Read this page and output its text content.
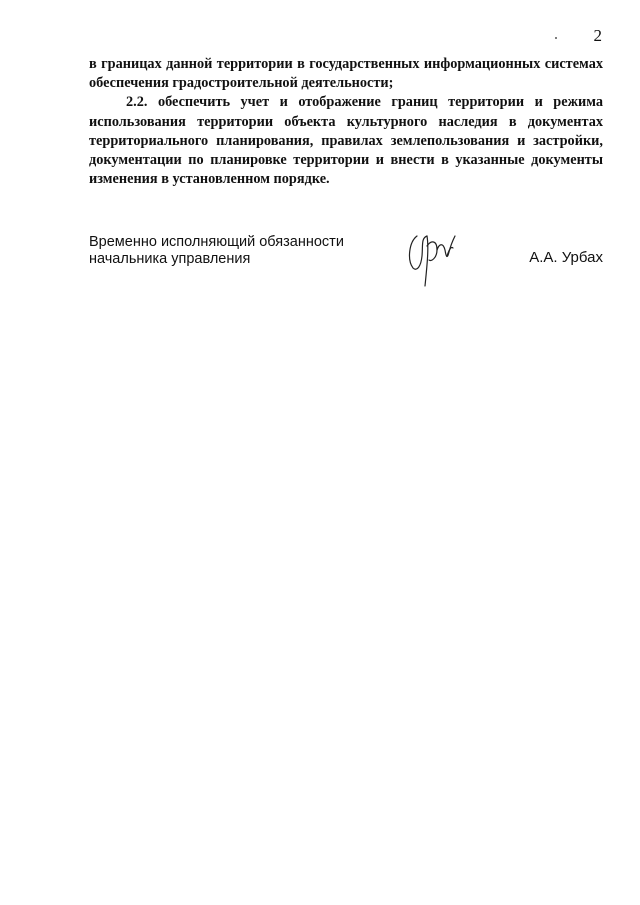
2

в границах данной территории в государственных информационных системах обеспечения градостроительной деятельности;

2.2. обеспечить учет и отображение границ территории и режима использования территории объекта культурного наследия в документах территориального планирования, правилах землепользования и застройки, документации по планировке территории и внести в указанные документы изменения в установленном порядке.

Временно исполняющий обязанности
начальника управления	А.А. Урбах
